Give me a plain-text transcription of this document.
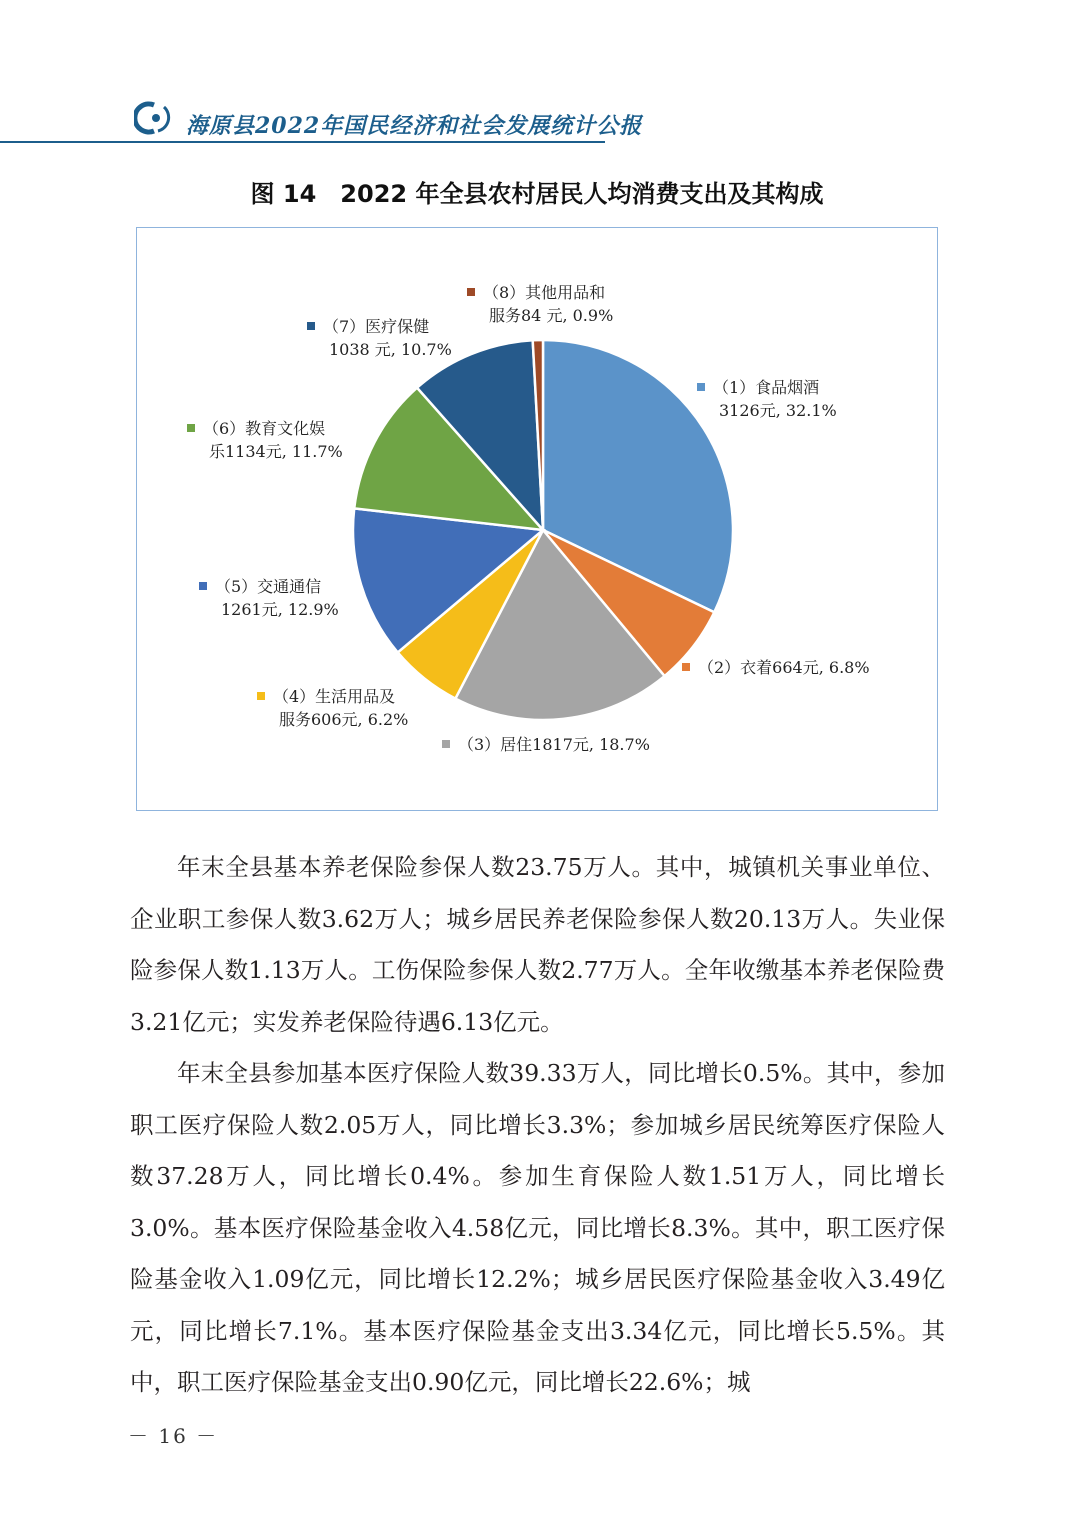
海原县2022年国民经济和社会发展统计公报
图 14　2022 年全县农村居民人均消费支出及其构成
（8）其他用品和
服务84 元, 0.9%
（7）医疗保健
1038 元, 10.7%
（1）食品烟酒
3126元, 32.1%
（6）教育文化娱
乐1134元, 11.7%
（5）交通通信
1261元, 12.9%
（2）衣着664元, 6.8%
（4）生活用品及
服务606元, 6.2%
（3）居住1817元, 18.7%

年末全县基本养老保险参保人数23.75万人。其中，城镇机关事业单位、企业职工参保人数3.62万人；城乡居民养老保险参保人数20.13万人。失业保险参保人数1.13万人。工伤保险参保人数2.77万人。全年收缴基本养老保险费3.21亿元；实发养老保险待遇6.13亿元。

年末全县参加基本医疗保险人数39.33万人，同比增长0.5%。其中，参加职工医疗保险人数2.05万人，同比增长3.3%；参加城乡居民统筹医疗保险人数37.28万人，同比增长0.4%。参加生育保险人数1.51万人，同比增长3.0%。基本医疗保险基金收入4.58亿元，同比增长8.3%。其中，职工医疗保险基金收入1.09亿元，同比增长12.2%；城乡居民医疗保险基金收入3.49亿元，同比增长7.1%。基本医疗保险基金支出3.34亿元，同比增长5.5%。其中，职工医疗保险基金支出0.90亿元，同比增长22.6%；城

－ 16 －
